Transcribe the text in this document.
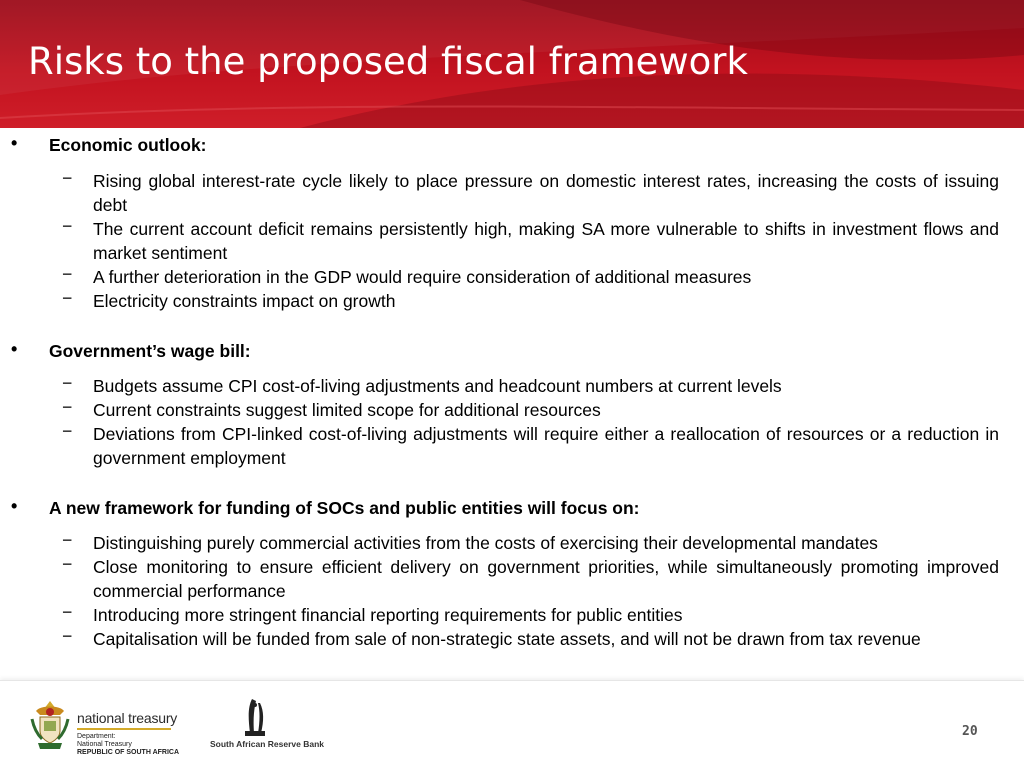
Risks to the proposed fiscal framework
• Economic outlook:
− Rising global interest-rate cycle likely to place pressure on domestic interest rates, increasing the costs of issuing debt
− The current account deficit remains persistently high, making SA more vulnerable to shifts in investment flows and market sentiment
− A further deterioration in the GDP would require consideration of additional measures
− Electricity constraints impact on growth
• Government’s wage bill:
− Budgets assume CPI cost-of-living adjustments and headcount numbers at current levels
− Current constraints suggest limited scope for additional resources
− Deviations from CPI-linked cost-of-living adjustments will require either a reallocation of resources or a reduction in government employment
• A new framework for funding of SOCs and public entities will focus on:
− Distinguishing purely commercial activities from the costs of exercising their developmental mandates
− Close monitoring to ensure efficient delivery on government priorities, while simultaneously promoting improved commercial performance
− Introducing more stringent financial reporting requirements for public entities
− Capitalisation will be funded from sale of non-strategic state assets, and will not be drawn from tax revenue
national treasury
Department:
National Treasury
REPUBLIC OF SOUTH AFRICA
South African Reserve Bank
20
